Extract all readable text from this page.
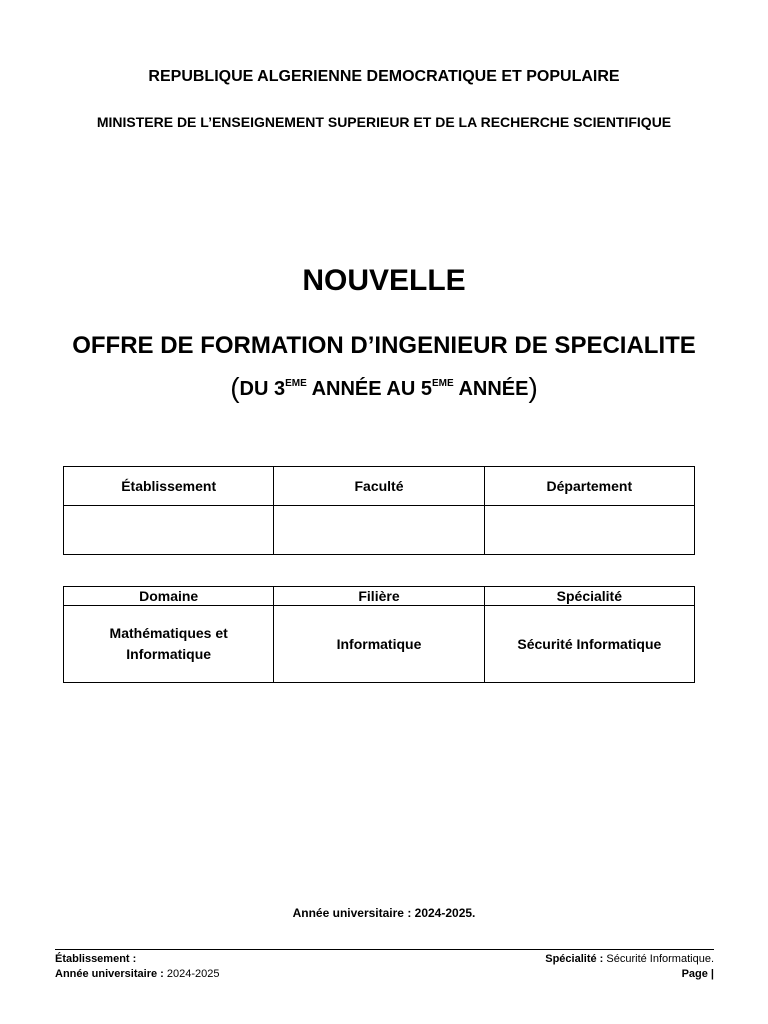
REPUBLIQUE ALGERIENNE DEMOCRATIQUE ET POPULAIRE
MINISTERE DE L’ENSEIGNEMENT SUPERIEUR ET DE LA RECHERCHE SCIENTIFIQUE
NOUVELLE
OFFRE DE FORMATION D’INGENIEUR DE SPECIALITE
(DU 3EME ANNÉE AU 5EME ANNÉE)
Établissement	Faculté	Département

Domaine	Filière	Spécialité
Mathématiques et Informatique	Informatique	Sécurité Informatique
Année universitaire : 2024-2025.
Établissement :
Année universitaire : 2024-2025
Spécialité : Sécurité Informatique.
Page |
